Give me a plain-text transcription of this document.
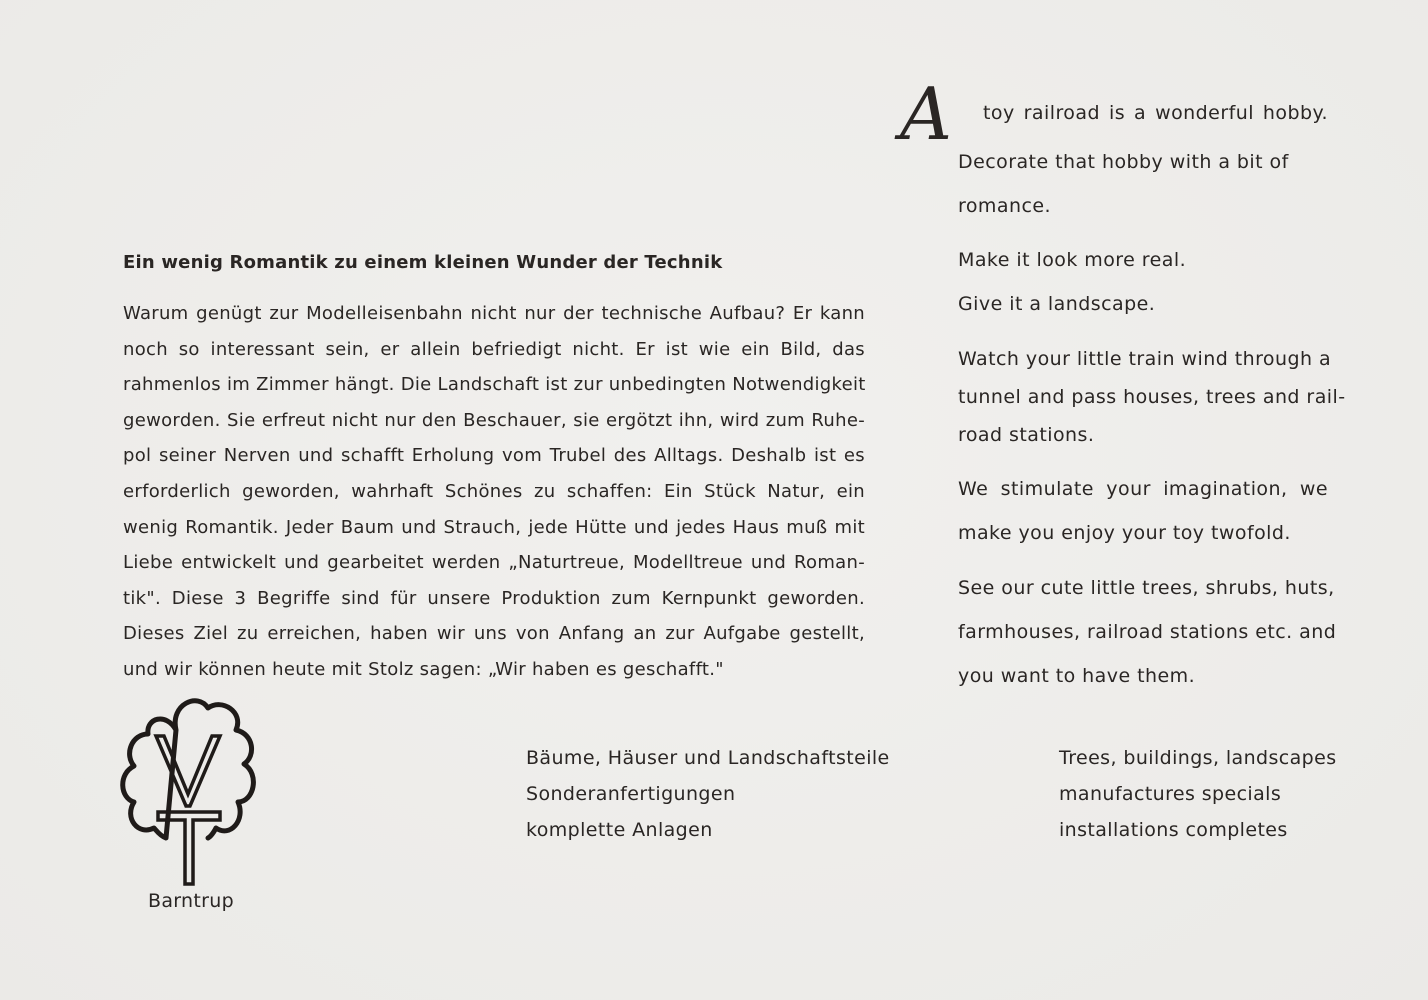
Ein wenig Romantik zu einem kleinen Wunder der Technik
Warum genügt zur Modelleisenbahn nicht nur der technische Aufbau? Er kann
noch so interessant sein, er allein befriedigt nicht. Er ist wie ein Bild, das
rahmenlos im Zimmer hängt. Die Landschaft ist zur unbedingten Notwendigkeit
geworden. Sie erfreut nicht nur den Beschauer, sie ergötzt ihn, wird zum Ruhe-
pol seiner Nerven und schafft Erholung vom Trubel des Alltags. Deshalb ist es
erforderlich geworden, wahrhaft Schönes zu schaffen: Ein Stück Natur, ein
wenig Romantik. Jeder Baum und Strauch, jede Hütte und jedes Haus muß mit
Liebe entwickelt und gearbeitet werden „Naturtreue, Modelltreue und Roman-
tik". Diese 3 Begriffe sind für unsere Produktion zum Kernpunkt geworden.
Dieses Ziel zu erreichen, haben wir uns von Anfang an zur Aufgabe gestellt,
und wir können heute mit Stolz sagen: „Wir haben es geschafft."
Barntrup
Bäume, Häuser und Landschaftsteile
Sonderanfertigungen
komplette Anlagen
A toy railroad is a wonderful hobby.
Decorate that hobby with a bit of
romance.
Make it look more real.
Give it a landscape.
Watch your little train wind through a
tunnel and pass houses, trees and rail-
road stations.
We stimulate your imagination, we
make you enjoy your toy twofold.
See our cute little trees, shrubs, huts,
farmhouses, railroad stations etc. and
you want to have them.
Trees, buildings, landscapes
manufactures specials
installations completes
